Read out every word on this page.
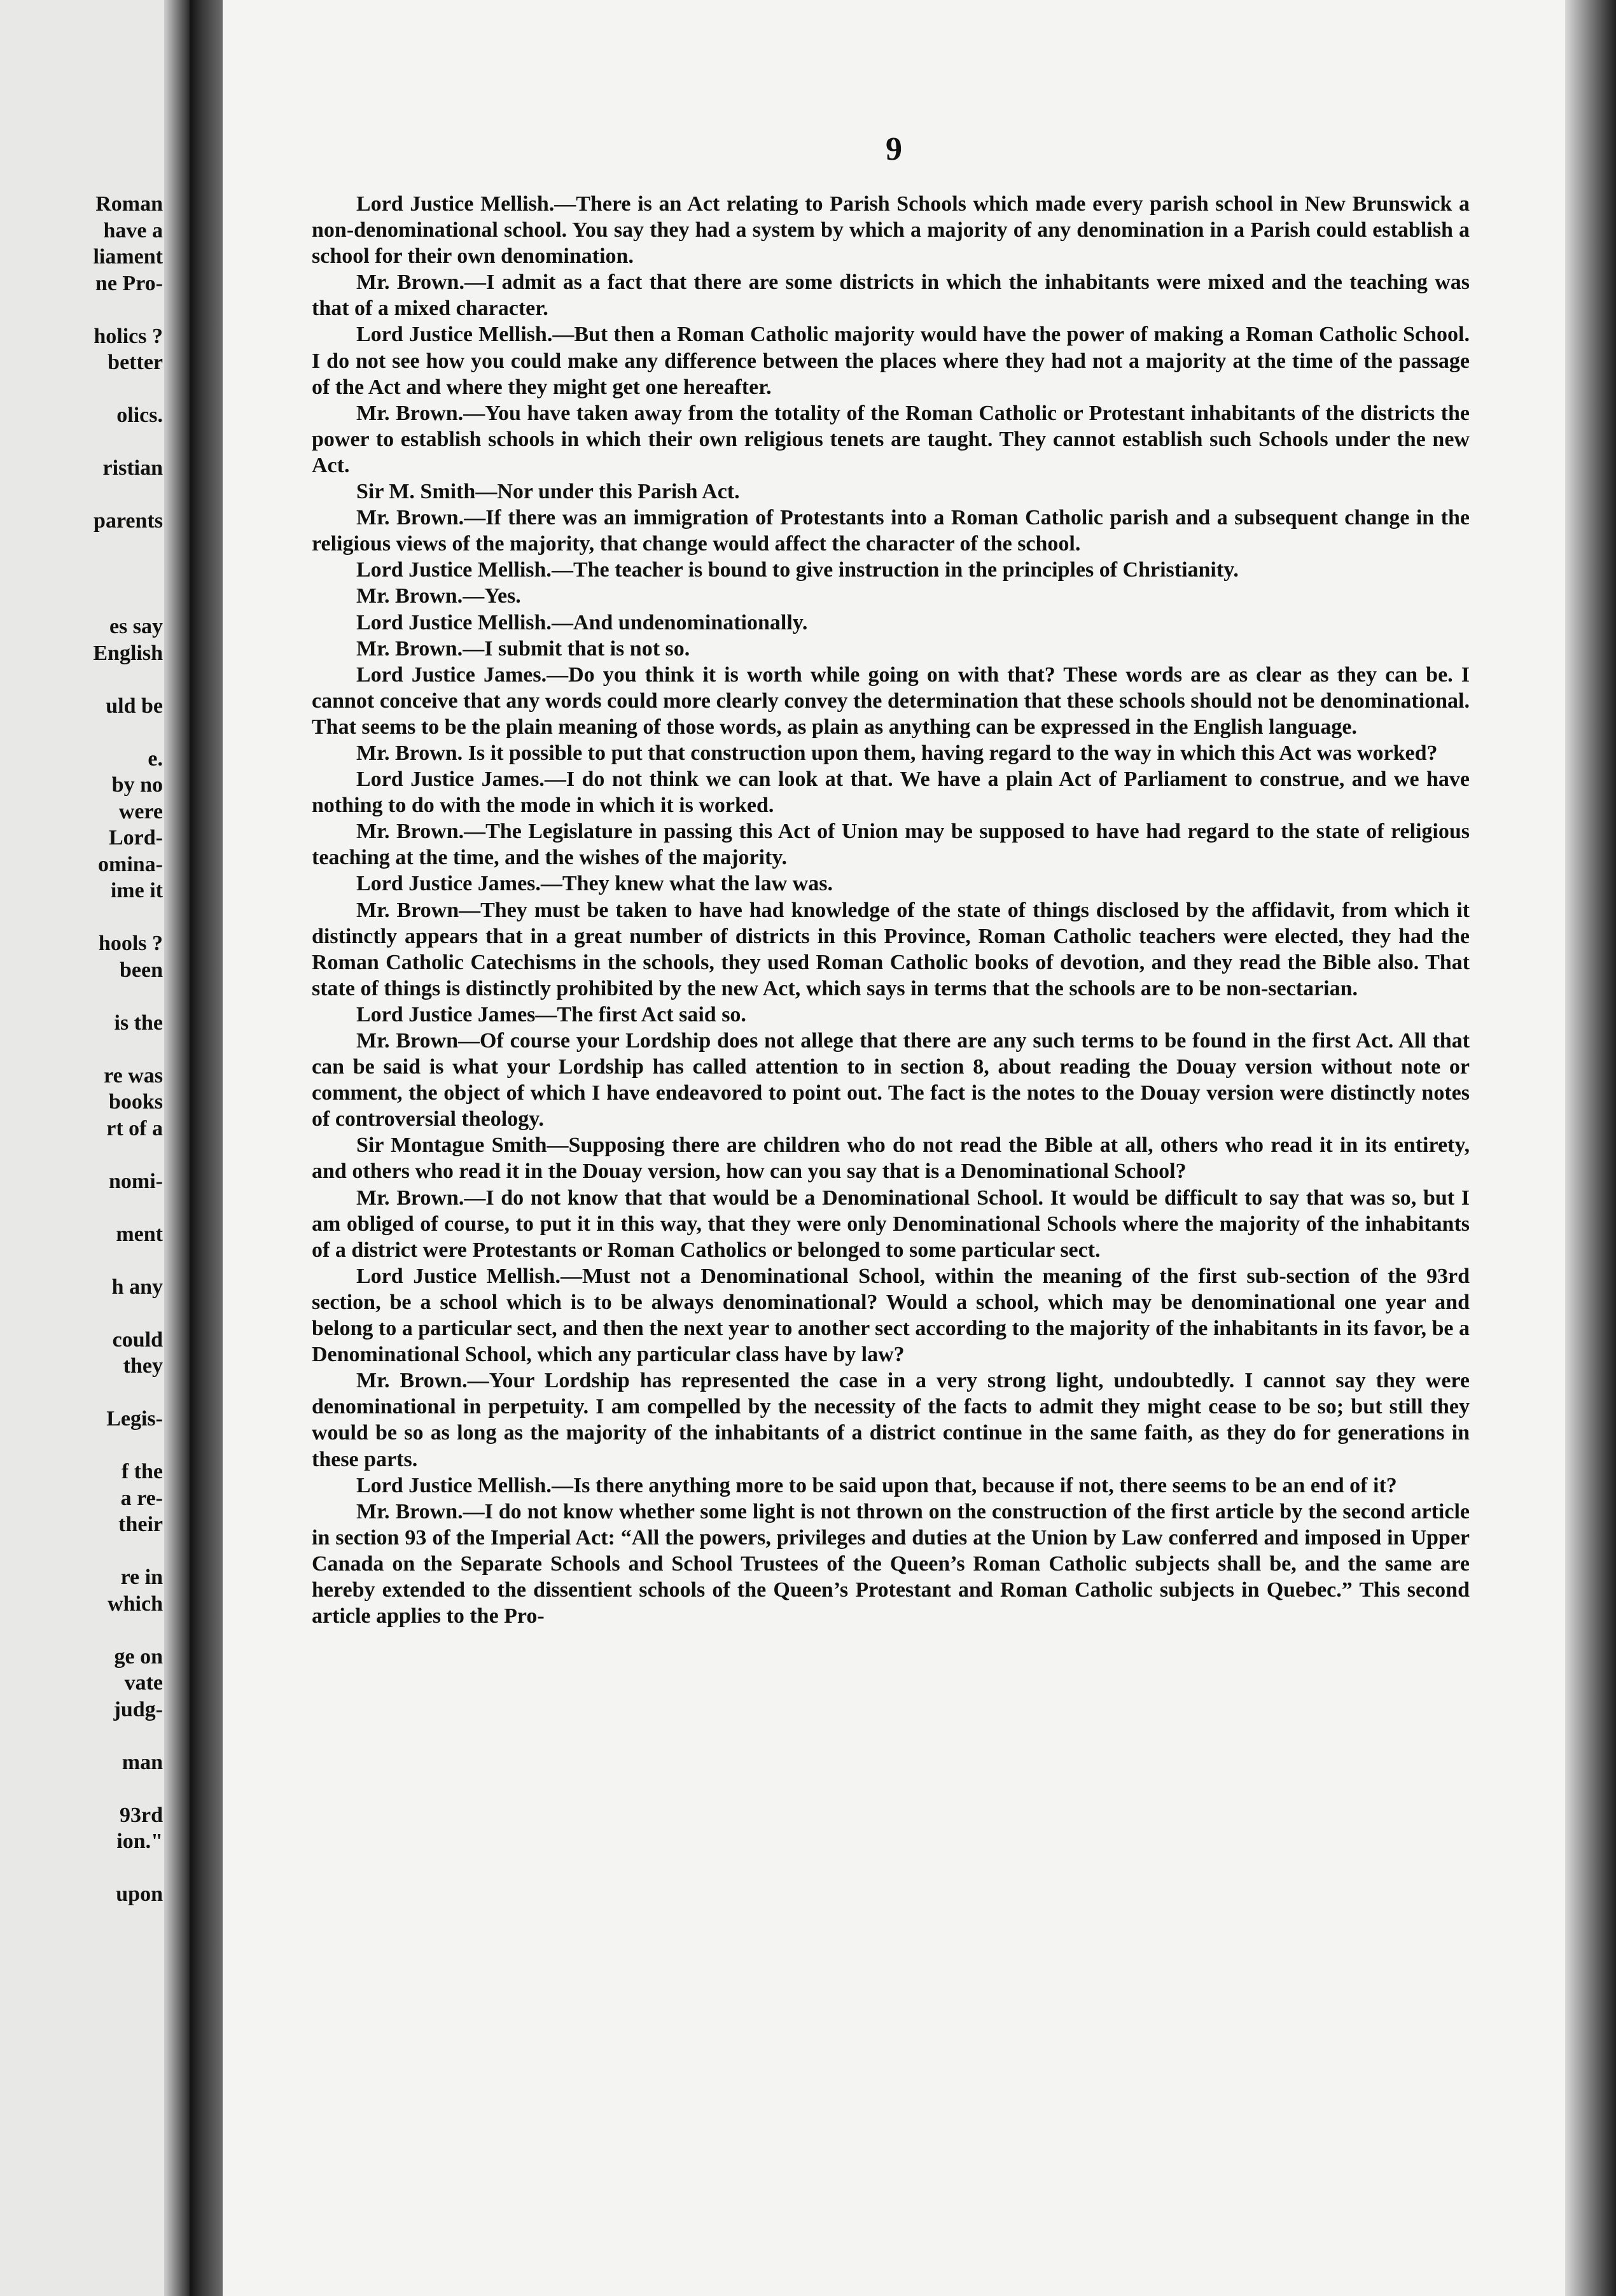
Roman
have a
liament
ne Pro-
holics ?
better
olics.
ristian
parents
es say
English
uld be
e.
by no
were
Lord-
omina-
ime it
hools ?
been
is the
re was
books
rt of a
nomi-
ment
h any
could
they
Legis-
f the
a re-
their
re in
which
ge on
vate
judg-
man
93rd
ion."
upon
9

Lord Justice Mellish.—There is an Act relating to Parish Schools which made every parish school in New Brunswick a non-denominational school. You say they had a system by which a majority of any denomination in a Parish could establish a school for their own denomination.

Mr. Brown.—I admit as a fact that there are some districts in which the inhabitants were mixed and the teaching was that of a mixed character.

Lord Justice Mellish.—But then a Roman Catholic majority would have the power of making a Roman Catholic School. I do not see how you could make any difference between the places where they had not a majority at the time of the passage of the Act and where they might get one hereafter.

Mr. Brown.—You have taken away from the totality of the Roman Catholic or Protestant inhabitants of the districts the power to establish schools in which their own religious tenets are taught. They cannot establish such Schools under the new Act.

Sir M. Smith—Nor under this Parish Act.

Mr. Brown.—If there was an immigration of Protestants into a Roman Catholic parish and a subsequent change in the religious views of the majority, that change would affect the character of the school.

Lord Justice Mellish.—The teacher is bound to give instruction in the principles of Christianity.

Mr. Brown.—Yes.

Lord Justice Mellish.—And undenominationally.

Mr. Brown.—I submit that is not so.

Lord Justice James.—Do you think it is worth while going on with that? These words are as clear as they can be. I cannot conceive that any words could more clearly convey the determination that these schools should not be denominational. That seems to be the plain meaning of those words, as plain as anything can be expressed in the English language.

Mr. Brown. Is it possible to put that construction upon them, having regard to the way in which this Act was worked?

Lord Justice James.—I do not think we can look at that. We have a plain Act of Parliament to construe, and we have nothing to do with the mode in which it is worked.

Mr. Brown.—The Legislature in passing this Act of Union may be supposed to have had regard to the state of religious teaching at the time, and the wishes of the majority.

Lord Justice James.—They knew what the law was.

Mr. Brown—They must be taken to have had knowledge of the state of things disclosed by the affidavit, from which it distinctly appears that in a great number of districts in this Province, Roman Catholic teachers were elected, they had the Roman Catholic Catechisms in the schools, they used Roman Catholic books of devotion, and they read the Bible also. That state of things is distinctly prohibited by the new Act, which says in terms that the schools are to be non-sectarian.

Lord Justice James—The first Act said so.

Mr. Brown—Of course your Lordship does not allege that there are any such terms to be found in the first Act. All that can be said is what your Lordship has called attention to in section 8, about reading the Douay version without note or comment, the object of which I have endeavored to point out. The fact is the notes to the Douay version were distinctly notes of controversial theology.

Sir Montague Smith—Supposing there are children who do not read the Bible at all, others who read it in its entirety, and others who read it in the Douay version, how can you say that is a Denominational School?

Mr. Brown.—I do not know that that would be a Denominational School. It would be difficult to say that was so, but I am obliged of course, to put it in this way, that they were only Denominational Schools where the majority of the inhabitants of a district were Protestants or Roman Catholics or belonged to some particular sect.

Lord Justice Mellish.—Must not a Denominational School, within the meaning of the first sub-section of the 93rd section, be a school which is to be always denominational? Would a school, which may be denominational one year and belong to a particular sect, and then the next year to another sect according to the majority of the inhabitants in its favor, be a Denominational School, which any particular class have by law?

Mr. Brown.—Your Lordship has represented the case in a very strong light, undoubtedly. I cannot say they were denominational in perpetuity. I am compelled by the necessity of the facts to admit they might cease to be so; but still they would be so as long as the majority of the inhabitants of a district continue in the same faith, as they do for generations in these parts.

Lord Justice Mellish.—Is there anything more to be said upon that, because if not, there seems to be an end of it?

Mr. Brown.—I do not know whether some light is not thrown on the construction of the first article by the second article in section 93 of the Imperial Act: “All the powers, privileges and duties at the Union by Law conferred and imposed in Upper Canada on the Separate Schools and School Trustees of the Queen’s Roman Catholic subjects shall be, and the same are hereby extended to the dissentient schools of the Queen’s Protestant and Roman Catholic subjects in Quebec.” This second article applies to the Pro-
